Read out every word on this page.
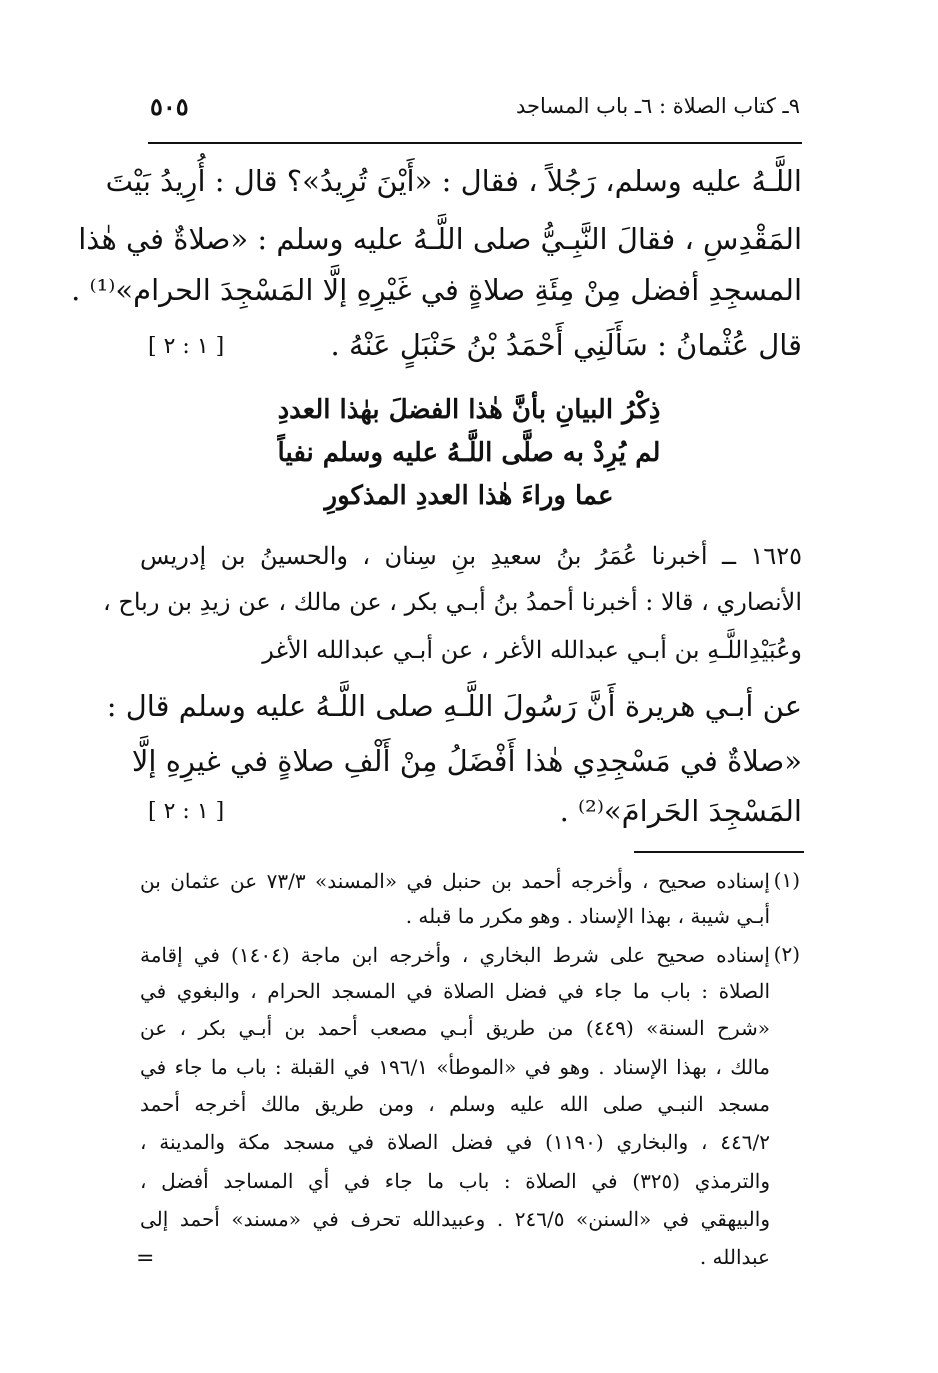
٥٠٥	٩ـ كتاب الصلاة : ٦ـ باب المساجد
اللَّـهُ عليه وسلم، رَجُلاً ، فقال : «أَيْنَ تُرِيدُ»؟ قال : أُرِيدُ بَيْتَ
المَقْدِسِ ، فقالَ النَّبِـيُّ صلى اللَّـهُ عليه وسلم : «صلاةٌ في هٰذا
المسجِدِ أفضل مِنْ مِئَةِ صلاةٍ في غَيْرِهِ إلَّا المَسْجِدَ الحرام»⁽¹⁾ .
قال عُثْمانُ : سَأَلَنِي أَحْمَدُ بْنُ حَنْبَلٍ عَنْهُ .
[ ١ : ٢ ]
ذِكْرُ البيانِ بأنَّ هٰذا الفضلَ بهٰذا العددِ
لم يُرِدْ به صلَّى اللَّـهُ عليه وسلم نفياً
عما وراءَ هٰذا العددِ المذكورِ
١٦٢٥ ــ أخبرنا عُمَرُ بنُ سعيدِ بنِ سِنان ، والحسينُ بن إدريس
الأنصاري ، قالا : أخبرنا أحمدُ بنُ أبـي بكر ، عن مالك ، عن زيدِ بن رباح ،
وعُبَيْدِاللَّـهِ بن أبـي عبدالله الأغر ، عن أبـي عبدالله الأغر
عن أبـي هريرة أَنَّ رَسُولَ اللَّـهِ صلى اللَّـهُ عليه وسلم قال :
«صلاةٌ في مَسْجِدِي هٰذا أَفْضَلُ مِنْ أَلْفِ صلاةٍ في غيرِهِ إلَّا
المَسْجِدَ الحَرامَ»⁽²⁾ .
[ ١ : ٢ ]
(١)
إسناده صحيح ، وأخرجه أحمد بن حنبل في «المسند» ٧٣/٣ عن عثمان بن
أبـي شيبة ، بهذا الإسناد . وهو مكرر ما قبله .
(٢)
إسناده صحيح على شرط البخاري ، وأخرجه ابن ماجة (١٤٠٤) في إقامة
الصلاة : باب ما جاء في فضل الصلاة في المسجد الحرام ، والبغوي في
«شرح السنة» (٤٤٩) من طريق أبـي مصعب أحمد بن أبـي بكر ، عن
مالك ، بهذا الإسناد . وهو في «الموطأ» ١٩٦/١ في القبلة : باب ما جاء في
مسجد النبـي صلى الله عليه وسلم ، ومن طريق مالك أخرجه أحمد
٤٤٦/٢ ، والبخاري (١١٩٠) في فضل الصلاة في مسجد مكة والمدينة ،
والترمذي (٣٢٥) في الصلاة : باب ما جاء في أي المساجد أفضل ،
والبيهقي في «السنن» ٢٤٦/٥ . وعبيدالله تحرف في «مسند» أحمد إلى
عبدالله .
=
